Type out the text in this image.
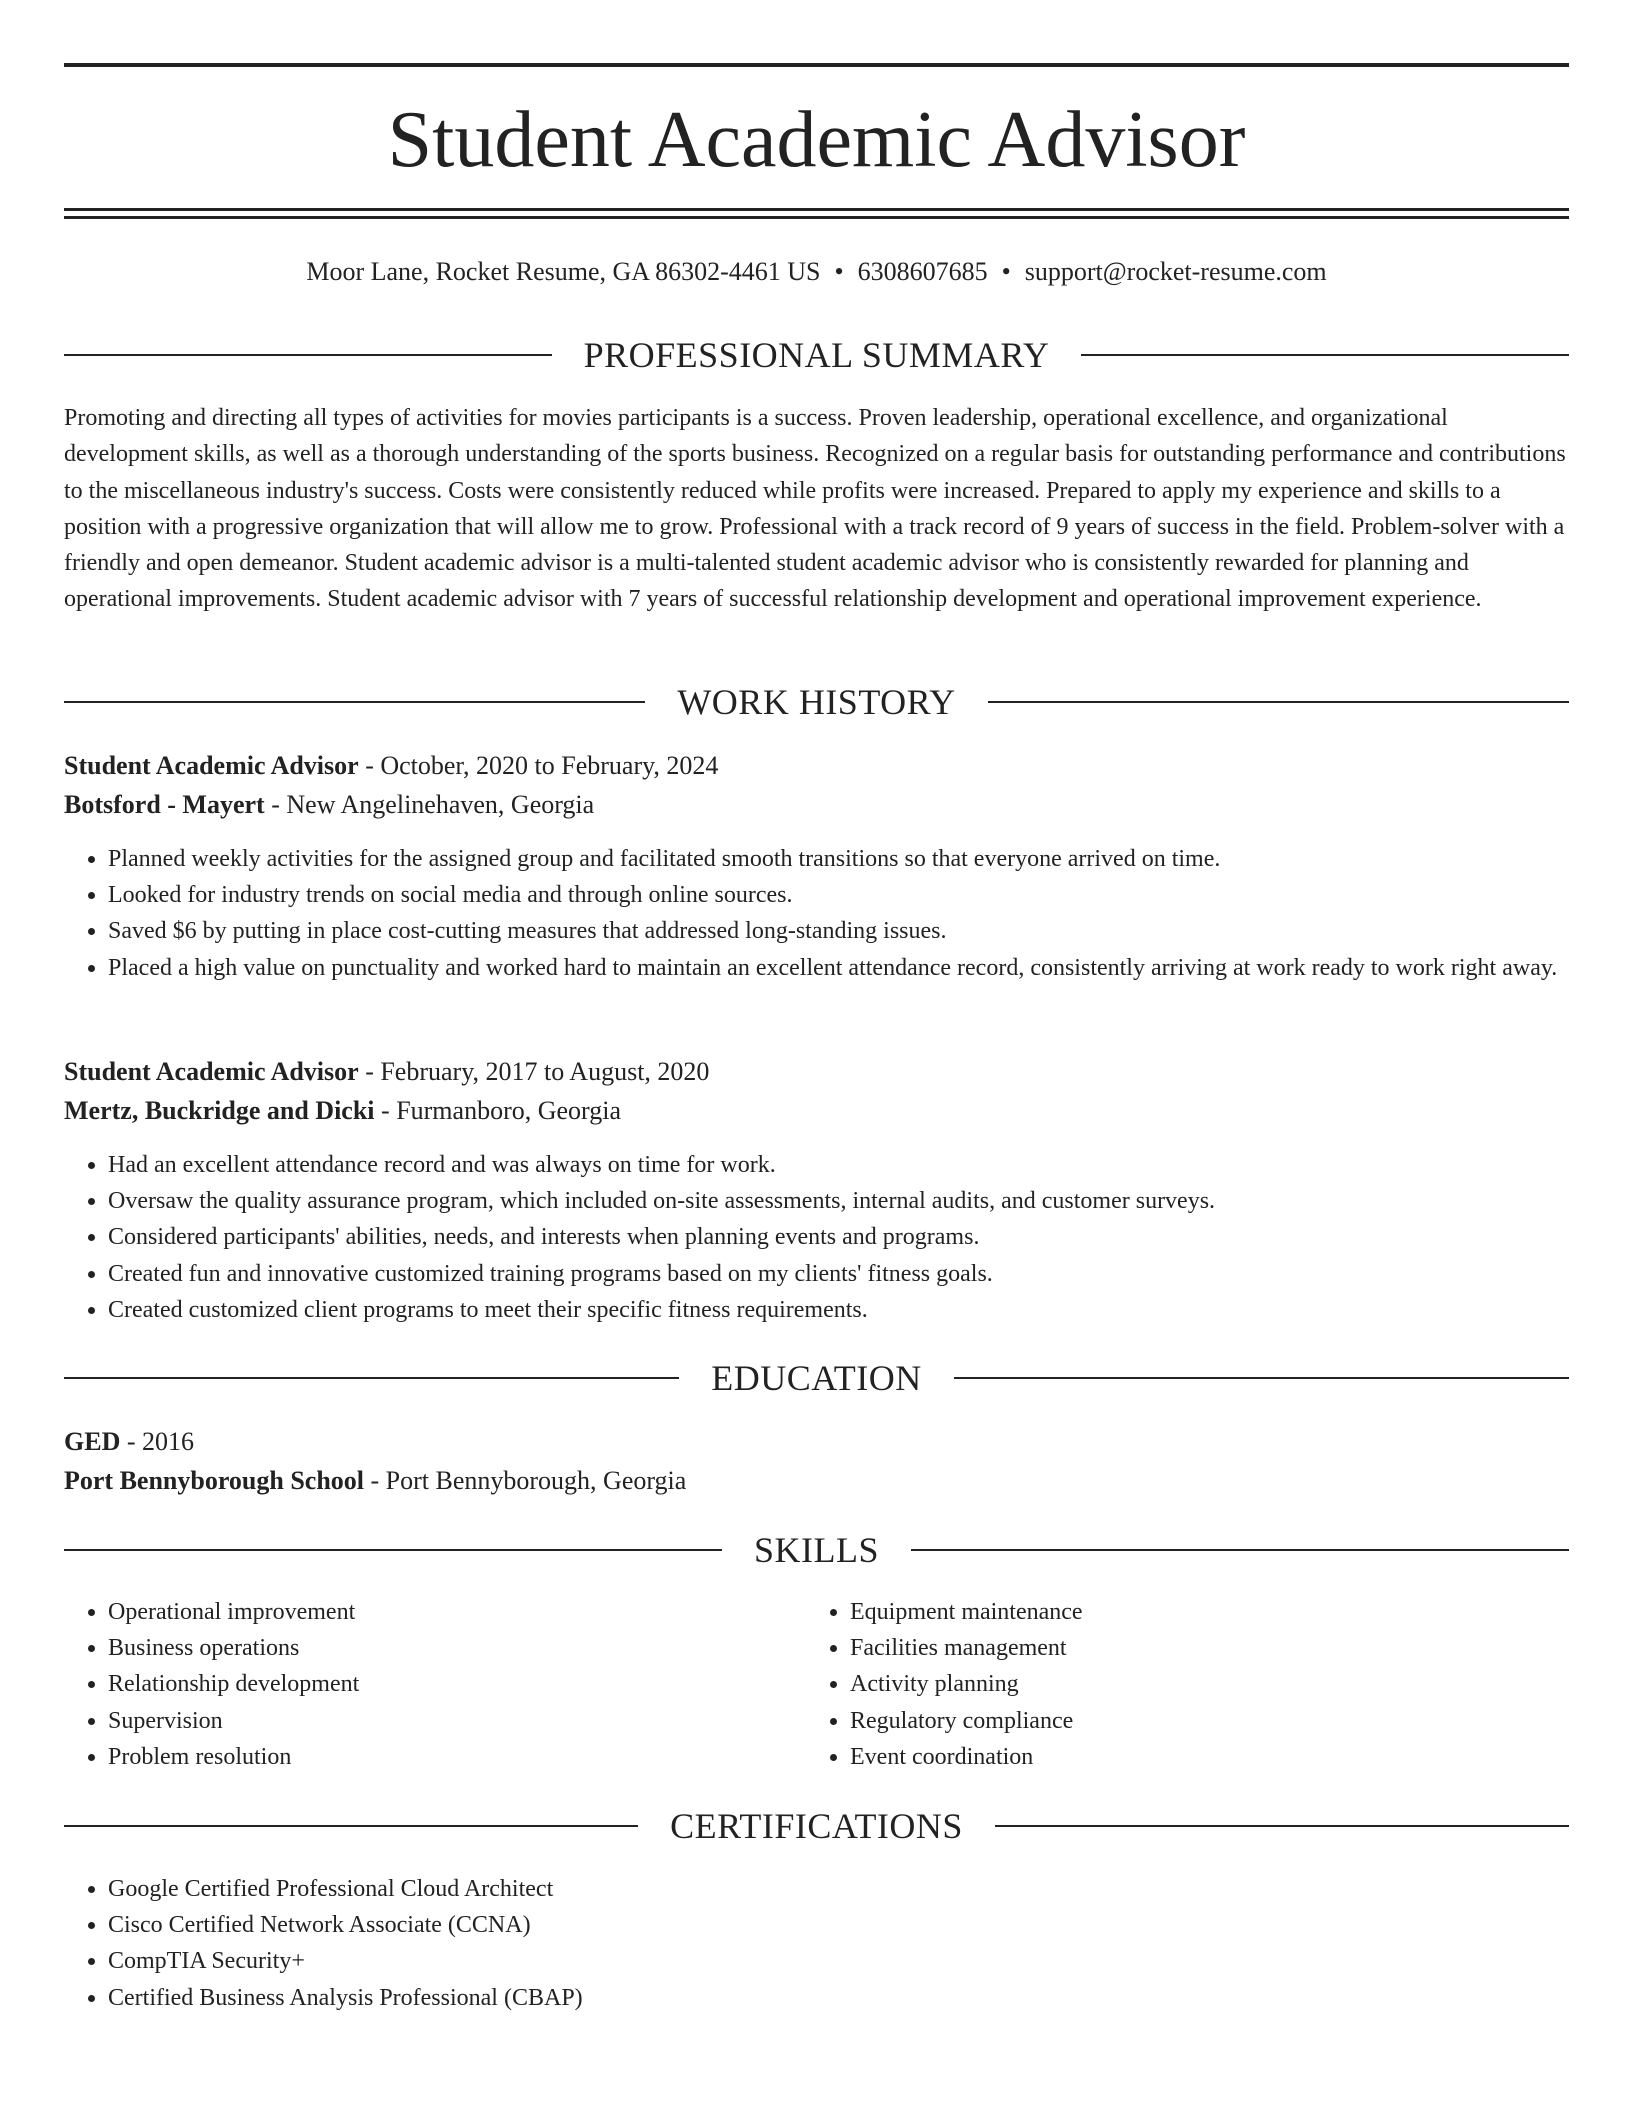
Student Academic Advisor
Moor Lane, Rocket Resume, GA 86302-4461 US • 6308607685 • support@rocket-resume.com
PROFESSIONAL SUMMARY

Promoting and directing all types of activities for movies participants is a success. Proven leadership, operational excellence, and organizational development skills, as well as a thorough understanding of the sports business. Recognized on a regular basis for outstanding performance and contributions to the miscellaneous industry's success. Costs were consistently reduced while profits were increased. Prepared to apply my experience and skills to a position with a progressive organization that will allow me to grow. Professional with a track record of 9 years of success in the field. Problem-solver with a friendly and open demeanor. Student academic advisor is a multi-talented student academic advisor who is consistently rewarded for planning and operational improvements. Student academic advisor with 7 years of successful relationship development and operational improvement experience.

WORK HISTORY
Student Academic Advisor - October, 2020 to February, 2024
Botsford - Mayert - New Angelinehaven, Georgia
• Planned weekly activities for the assigned group and facilitated smooth transitions so that everyone arrived on time.
• Looked for industry trends on social media and through online sources.
• Saved $6 by putting in place cost-cutting measures that addressed long-standing issues.
• Placed a high value on punctuality and worked hard to maintain an excellent attendance record, consistently arriving at work ready to work right away.
Student Academic Advisor - February, 2017 to August, 2020
Mertz, Buckridge and Dicki - Furmanboro, Georgia
• Had an excellent attendance record and was always on time for work.
• Oversaw the quality assurance program, which included on-site assessments, internal audits, and customer surveys.
• Considered participants' abilities, needs, and interests when planning events and programs.
• Created fun and innovative customized training programs based on my clients' fitness goals.
• Created customized client programs to meet their specific fitness requirements.
EDUCATION
GED - 2016
Port Bennyborough School - Port Bennyborough, Georgia
SKILLS
• Operational improvement
• Business operations
• Relationship development
• Supervision
• Problem resolution
• Equipment maintenance
• Facilities management
• Activity planning
• Regulatory compliance
• Event coordination
CERTIFICATIONS
• Google Certified Professional Cloud Architect
• Cisco Certified Network Associate (CCNA)
• CompTIA Security+
• Certified Business Analysis Professional (CBAP)
